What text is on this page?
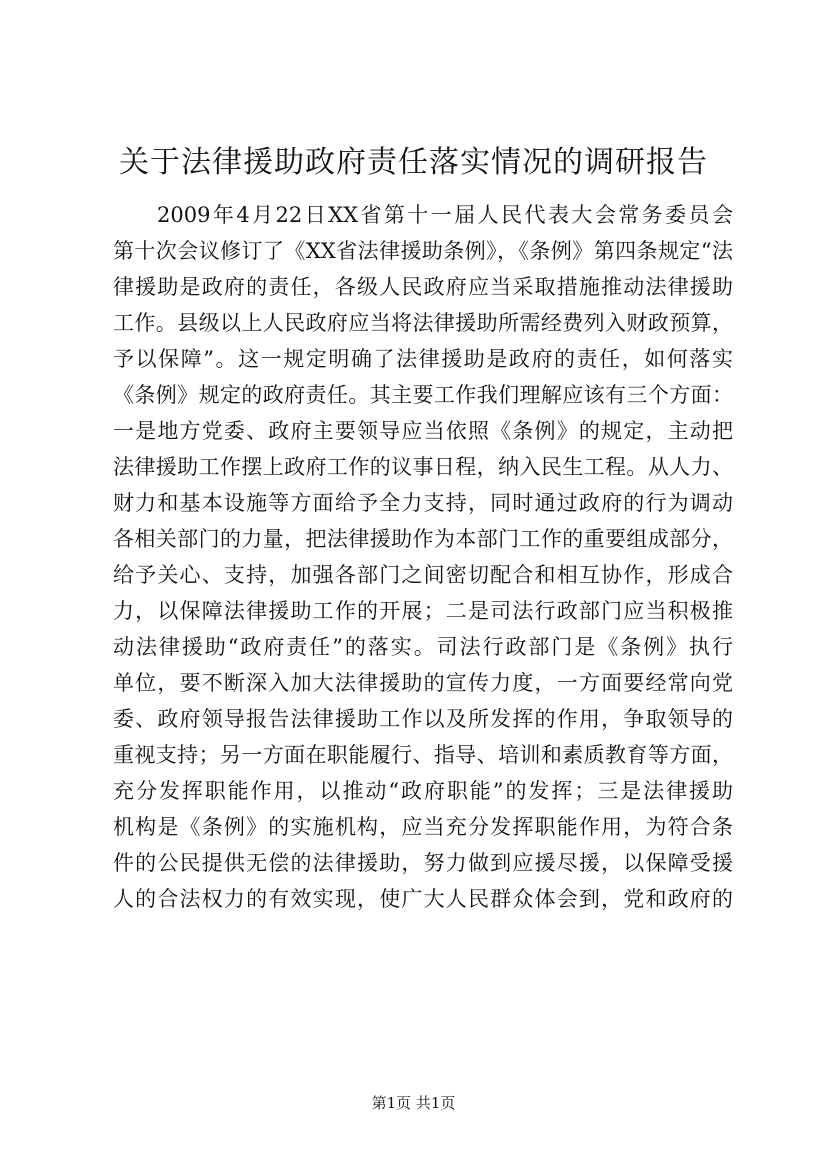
关于法律援助政府责任落实情况的调研报告
2009年4月22日XX省第十一届人民代表大会常务委员会
第十次会议修订了《XX省法律援助条例》，《条例》第四条规定“法
律援助是政府的责任，各级人民政府应当采取措施推动法律援助
工作。县级以上人民政府应当将法律援助所需经费列入财政预算，
予以保障”。这一规定明确了法律援助是政府的责任，如何落实
《条例》规定的政府责任。其主要工作我们理解应该有三个方面：
一是地方党委、政府主要领导应当依照《条例》的规定，主动把
法律援助工作摆上政府工作的议事日程，纳入民生工程。从人力、
财力和基本设施等方面给予全力支持，同时通过政府的行为调动
各相关部门的力量，把法律援助作为本部门工作的重要组成部分，
给予关心、支持，加强各部门之间密切配合和相互协作，形成合
力，以保障法律援助工作的开展；二是司法行政部门应当积极推
动法律援助“政府责任”的落实。司法行政部门是《条例》执行
单位，要不断深入加大法律援助的宣传力度，一方面要经常向党
委、政府领导报告法律援助工作以及所发挥的作用，争取领导的
重视支持；另一方面在职能履行、指导、培训和素质教育等方面，
充分发挥职能作用，以推动“政府职能”的发挥；三是法律援助
机构是《条例》的实施机构，应当充分发挥职能作用，为符合条
件的公民提供无偿的法律援助，努力做到应援尽援，以保障受援
人的合法权力的有效实现，使广大人民群众体会到，党和政府的
第1页 共1页
